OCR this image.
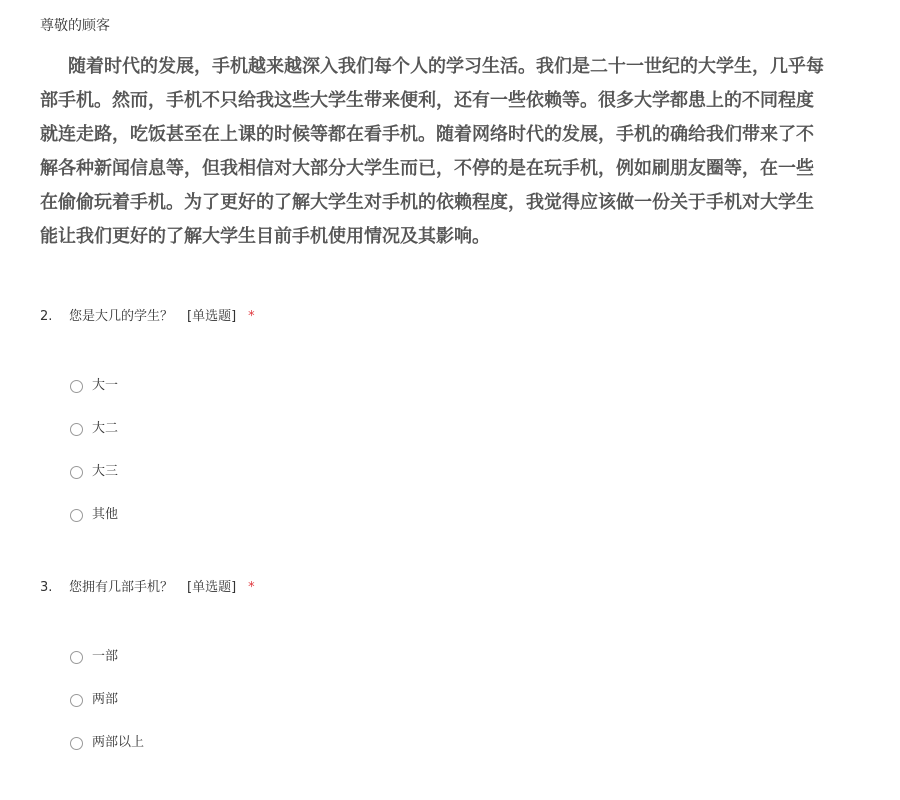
尊敬的顾客
随着时代的发展，手机越来越深入我们每个人的学习生活。我们是二十一世纪的大学生，几乎每
部手机。然而，手机不只给我这些大学生带来便利，还有一些依赖等。很多大学都患上的不同程度
就连走路，吃饭甚至在上课的时候等都在看手机。随着网络时代的发展，手机的确给我们带来了不
解各种新闻信息等，但我相信对大部分大学生而已，不停的是在玩手机，例如刷朋友圈等，在一些
在偷偷玩着手机。为了更好的了解大学生对手机的依赖程度，我觉得应该做一份关于手机对大学生
能让我们更好的了解大学生目前手机使用情况及其影响。
2. 您是大几的学生？ [单选题] *
大一
大二
大三
其他
3. 您拥有几部手机？ [单选题] *
一部
两部
两部以上
